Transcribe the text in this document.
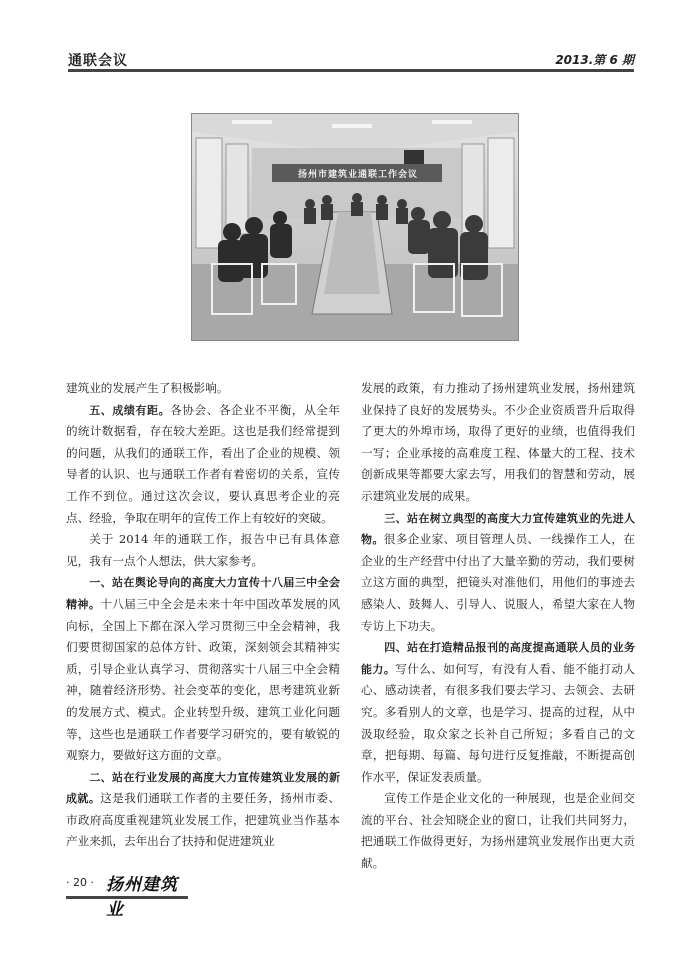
通联会议	2013.第 6 期
扬州市建筑业通联工作会议

建筑业的发展产生了积极影响。

五、成绩有距。各协会、各企业不平衡，从全年的统计数据看，存在较大差距。这也是我们经常提到的问题，从我们的通联工作，看出了企业的规模、领导者的认识、也与通联工作者有着密切的关系，宣传工作不到位。通过这次会议，要认真思考企业的亮点、经验，争取在明年的宣传工作上有较好的突破。

关于 2014 年的通联工作，报告中已有具体意见，我有一点个人想法，供大家参考。

一、站在舆论导向的高度大力宣传十八届三中全会精神。十八届三中全会是未来十年中国改革发展的风向标，全国上下都在深入学习贯彻三中全会精神，我们要贯彻国家的总体方针、政策，深刻领会其精神实质，引导企业认真学习、贯彻落实十八届三中全会精神，随着经济形势、社会变革的变化，思考建筑业新的发展方式、模式。企业转型升级、建筑工业化问题等，这些也是通联工作者要学习研究的，要有敏锐的观察力，要做好这方面的文章。

二、站在行业发展的高度大力宣传建筑业发展的新成就。这是我们通联工作者的主要任务，扬州市委、市政府高度重视建筑业发展工作，把建筑业当作基本产业来抓，去年出台了扶持和促进建筑业

发展的政策，有力推动了扬州建筑业发展，扬州建筑业保持了良好的发展势头。不少企业资质晋升后取得了更大的外埠市场，取得了更好的业绩，也值得我们一写；企业承接的高难度工程、体量大的工程、技术创新成果等都要大家去写，用我们的智慧和劳动，展示建筑业发展的成果。

三、站在树立典型的高度大力宣传建筑业的先进人物。很多企业家、项目管理人员、一线操作工人，在企业的生产经营中付出了大量辛勤的劳动，我们要树立这方面的典型，把镜头对准他们，用他们的事迹去感染人、鼓舞人、引导人、说服人，希望大家在人物专访上下功夫。

四、站在打造精品报刊的高度提高通联人员的业务能力。写什么、如何写，有没有人看、能不能打动人心、感动读者，有很多我们要去学习、去领会、去研究。多看别人的文章，也是学习、提高的过程，从中汲取经验，取众家之长补自己所短；多看自己的文章，把每期、每篇、每句进行反复推敲，不断提高创作水平，保证发表质量。

宣传工作是企业文化的一种展现，也是企业间交流的平台、社会知晓企业的窗口，让我们共同努力，把通联工作做得更好，为扬州建筑业发展作出更大贡献。

· 20 · 扬州建筑业
